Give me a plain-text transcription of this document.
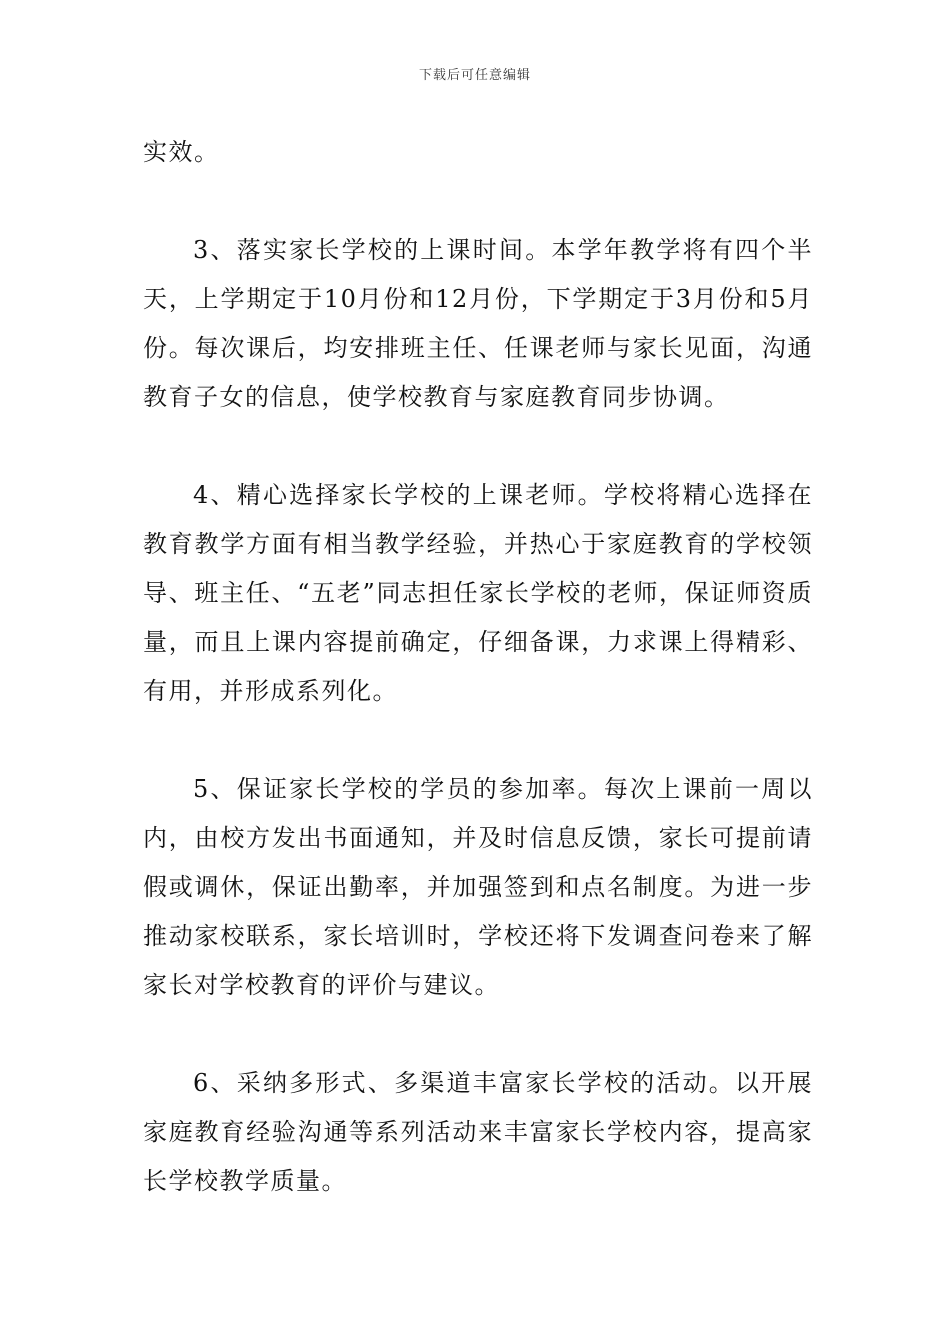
下载后可任意编辑

实效。

3、落实家长学校的上课时间。本学年教学将有四个半天，上学期定于10月份和12月份，下学期定于3月份和5月份。每次课后，均安排班主任、任课老师与家长见面，沟通教育子女的信息，使学校教育与家庭教育同步协调。

4、精心选择家长学校的上课老师。学校将精心选择在教育教学方面有相当教学经验，并热心于家庭教育的学校领导、班主任、“五老”同志担任家长学校的老师，保证师资质量，而且上课内容提前确定，仔细备课，力求课上得精彩、有用，并形成系列化。

5、保证家长学校的学员的参加率。每次上课前一周以内，由校方发出书面通知，并及时信息反馈，家长可提前请假或调休，保证出勤率，并加强签到和点名制度。为进一步推动家校联系，家长培训时，学校还将下发调查问卷来了解家长对学校教育的评价与建议。

6、采纳多形式、多渠道丰富家长学校的活动。以开展家庭教育经验沟通等系列活动来丰富家长学校内容，提高家长学校教学质量。
